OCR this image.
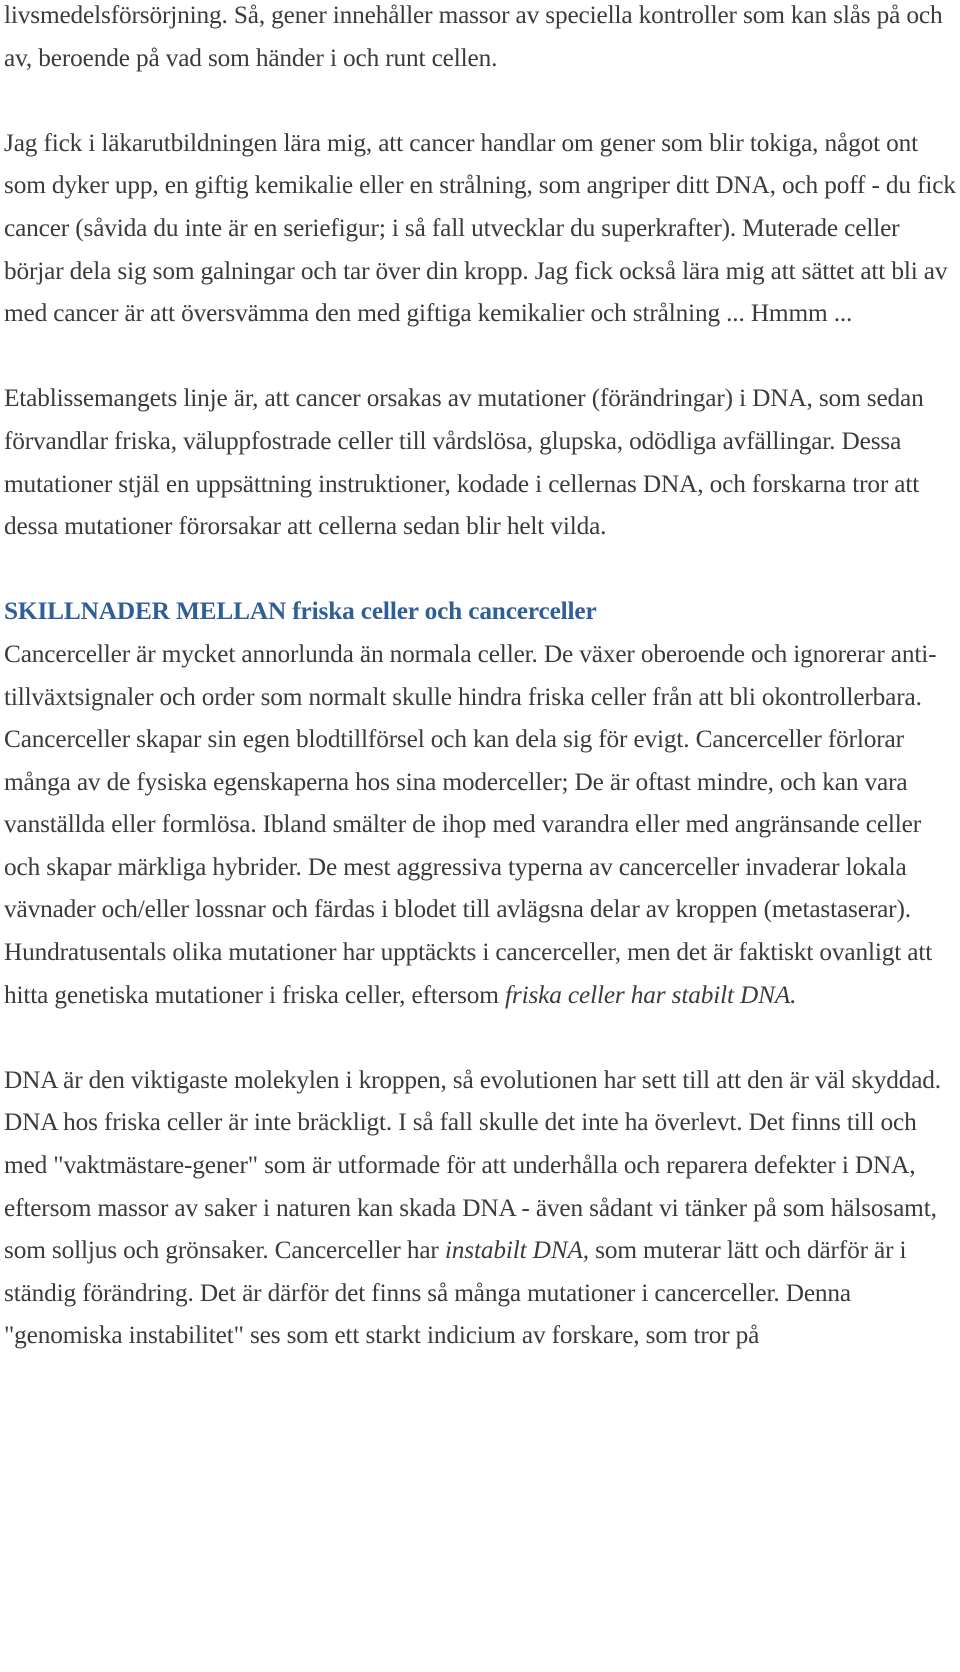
livsmedelsförsörjning. Så, gener innehåller massor av speciella kontroller som kan slås på och av, beroende på vad som händer i och runt cellen.

Jag fick i läkarutbildningen lära mig, att cancer handlar om gener som blir tokiga, något ont som dyker upp, en giftig kemikalie eller en strålning, som angriper ditt DNA, och poff - du fick cancer (såvida du inte är en seriefigur; i så fall utvecklar du superkrafter). Muterade celler börjar dela sig som galningar och tar över din kropp. Jag fick också lära mig att sättet att bli av med cancer är att översvämma den med giftiga kemikalier och strålning ... Hmmm ...

Etablissemangets linje är, att cancer orsakas av mutationer (förändringar) i DNA, som sedan förvandlar friska, väluppfostrade celler till vårdslösa, glupska, odödliga avfällingar. Dessa mutationer stjäl en uppsättning instruktioner, kodade i cellernas DNA, och forskarna tror att dessa mutationer förorsakar att cellerna sedan blir helt vilda.

SKILLNADER MELLAN friska celler och cancerceller

Cancerceller är mycket annorlunda än normala celler. De växer oberoende och ignorerar anti-tillväxtsignaler och order som normalt skulle hindra friska celler från att bli okontrollerbara. Cancerceller skapar sin egen blodtillförsel och kan dela sig för evigt. Cancerceller förlorar många av de fysiska egenskaperna hos sina moderceller; De är oftast mindre, och kan vara vanställda eller formlösa. Ibland smälter de ihop med varandra eller med angränsande celler och skapar märkliga hybrider. De mest aggressiva typerna av cancerceller invaderar lokala vävnader och/eller lossnar och färdas i blodet till avlägsna delar av kroppen (metastaserar). Hundratusentals olika mutationer har upptäckts i cancerceller, men det är faktiskt ovanligt att hitta genetiska mutationer i friska celler, eftersom friska celler har stabilt DNA.

DNA är den viktigaste molekylen i kroppen, så evolutionen har sett till att den är väl skyddad. DNA hos friska celler är inte bräckligt. I så fall skulle det inte ha överlevt. Det finns till och med "vaktmästare-gener" som är utformade för att underhålla och reparera defekter i DNA, eftersom massor av saker i naturen kan skada DNA - även sådant vi tänker på som hälsosamt, som solljus och grönsaker. Cancerceller har instabilt DNA, som muterar lätt och därför är i ständig förändring. Det är därför det finns så många mutationer i cancerceller. Denna "genomiska instabilitet" ses som ett starkt indicium av forskare, som tror på
